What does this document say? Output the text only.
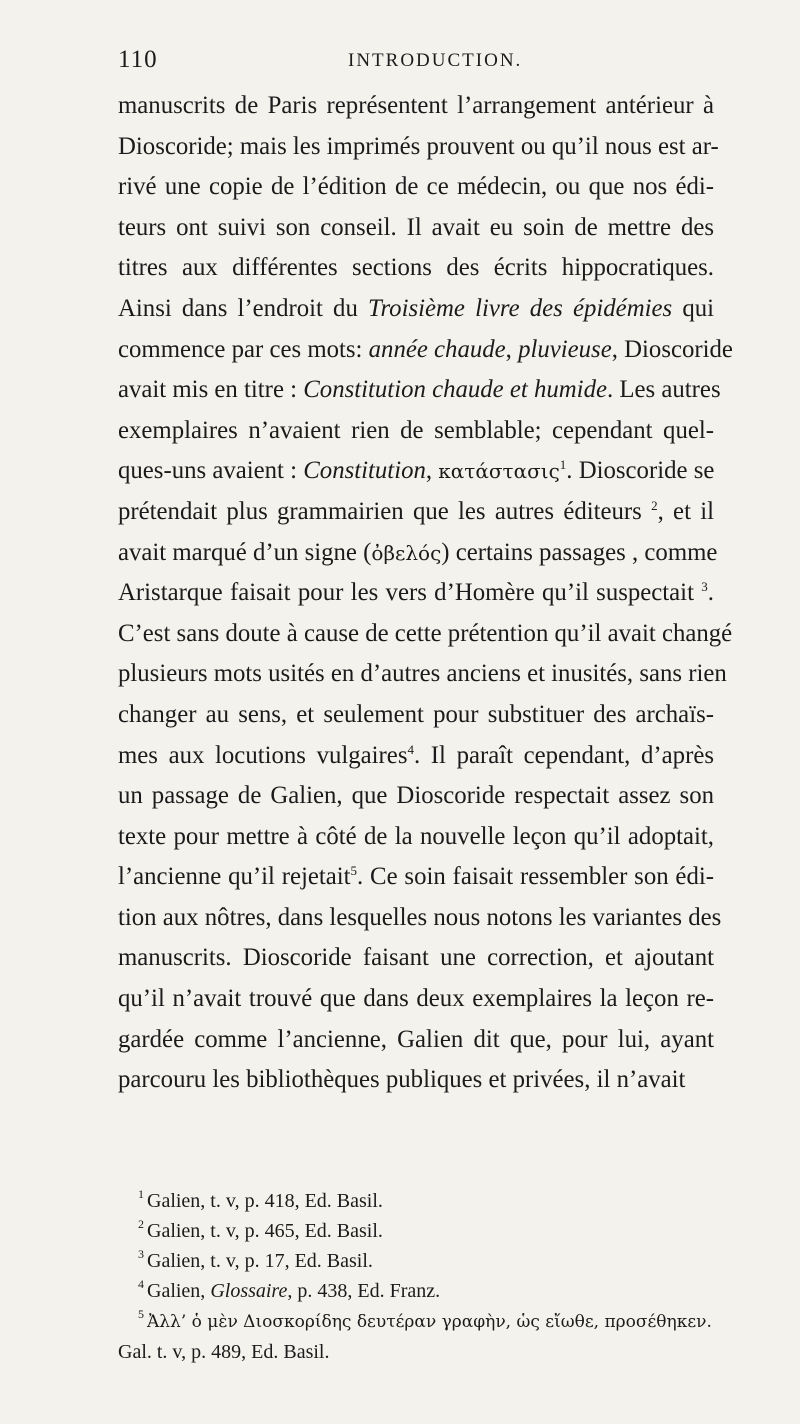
110	INTRODUCTION.
manuscrits de Paris représentent l’arrangement antérieur à
Dioscoride; mais les imprimés prouvent ou qu’il nous est ar-
rivé une copie de l’édition de ce médecin, ou que nos édi-
teurs ont suivi son conseil. Il avait eu soin de mettre des
titres aux différentes sections des écrits hippocratiques.
Ainsi dans l’endroit du Troisième livre des épidémies qui
commence par ces mots: année chaude, pluvieuse, Dioscoride
avait mis en titre : Constitution chaude et humide. Les autres
exemplaires n’avaient rien de semblable; cependant quel-
ques-uns avaient : Constitution, κατάστασις$^1$. Dioscoride se
prétendait plus grammairien que les autres éditeurs $^2$, et il
avait marqué d’un signe (ὀβελός) certains passages , comme
Aristarque faisait pour les vers d’Homère qu’il suspectait $^3$.
C’est sans doute à cause de cette prétention qu’il avait changé
plusieurs mots usités en d’autres anciens et inusités, sans rien
changer au sens, et seulement pour substituer des archaïs-
mes aux locutions vulgaires$^4$. Il paraît cependant, d’après
un passage de Galien, que Dioscoride respectait assez son
texte pour mettre à côté de la nouvelle leçon qu’il adoptait,
l’ancienne qu’il rejetait$^5$. Ce soin faisait ressembler son édi-
tion aux nôtres, dans lesquelles nous notons les variantes des
manuscrits. Dioscoride faisant une correction, et ajoutant
qu’il n’avait trouvé que dans deux exemplaires la leçon re-
gardée comme l’ancienne, Galien dit que, pour lui, ayant
parcouru les bibliothèques publiques et privées, il n’avait
$^1$ Galien, t. v, p. 418, Ed. Basil.
$^2$ Galien, t. v, p. 465, Ed. Basil.
$^3$ Galien, t. v, p. 17, Ed. Basil.
$^4$ Galien, Glossaire, p. 438, Ed. Franz.
$^5$ Ἀλλ’ ὁ μὲν Διοσκορίδης δευτέραν γραφὴν, ὡς εἴωθε, προσέθηκεν.
Gal. t. v, p. 489, Ed. Basil.
